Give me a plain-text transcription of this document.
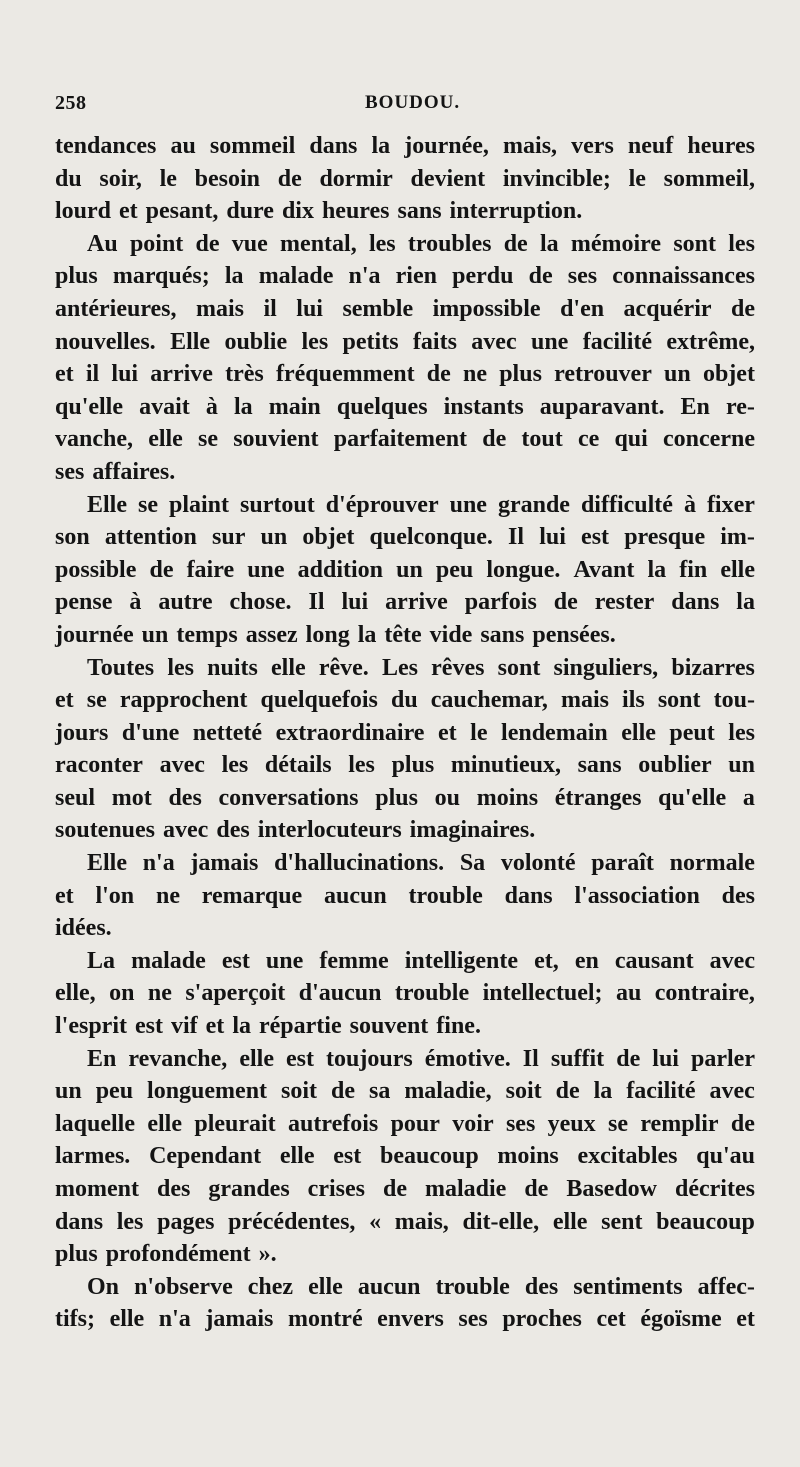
258	BOUDOU.
tendances au sommeil dans la journée, mais, vers neuf heures
du soir, le besoin de dormir devient invincible; le sommeil,
lourd et pesant, dure dix heures sans interruption.
Au point de vue mental, les troubles de la mémoire sont les
plus marqués; la malade n'a rien perdu de ses connaissances
antérieures, mais il lui semble impossible d'en acquérir de
nouvelles. Elle oublie les petits faits avec une facilité extrême,
et il lui arrive très fréquemment de ne plus retrouver un objet
qu'elle avait à la main quelques instants auparavant. En re-
vanche, elle se souvient parfaitement de tout ce qui concerne
ses affaires.
Elle se plaint surtout d'éprouver une grande difficulté à fixer
son attention sur un objet quelconque. Il lui est presque im-
possible de faire une addition un peu longue. Avant la fin elle
pense à autre chose. Il lui arrive parfois de rester dans la
journée un temps assez long la tête vide sans pensées.
Toutes les nuits elle rêve. Les rêves sont singuliers, bizarres
et se rapprochent quelquefois du cauchemar, mais ils sont tou-
jours d'une netteté extraordinaire et le lendemain elle peut les
raconter avec les détails les plus minutieux, sans oublier un
seul mot des conversations plus ou moins étranges qu'elle a
soutenues avec des interlocuteurs imaginaires.
Elle n'a jamais d'hallucinations. Sa volonté paraît normale
et l'on ne remarque aucun trouble dans l'association des
idées.
La malade est une femme intelligente et, en causant avec
elle, on ne s'aperçoit d'aucun trouble intellectuel; au contraire,
l'esprit est vif et la répartie souvent fine.
En revanche, elle est toujours émotive. Il suffit de lui parler
un peu longuement soit de sa maladie, soit de la facilité avec
laquelle elle pleurait autrefois pour voir ses yeux se remplir de
larmes. Cependant elle est beaucoup moins excitables qu'au
moment des grandes crises de maladie de Basedow décrites
dans les pages précédentes, « mais, dit-elle, elle sent beaucoup
plus profondément ».
On n'observe chez elle aucun trouble des sentiments affec-
tifs; elle n'a jamais montré envers ses proches cet égoïsme et
